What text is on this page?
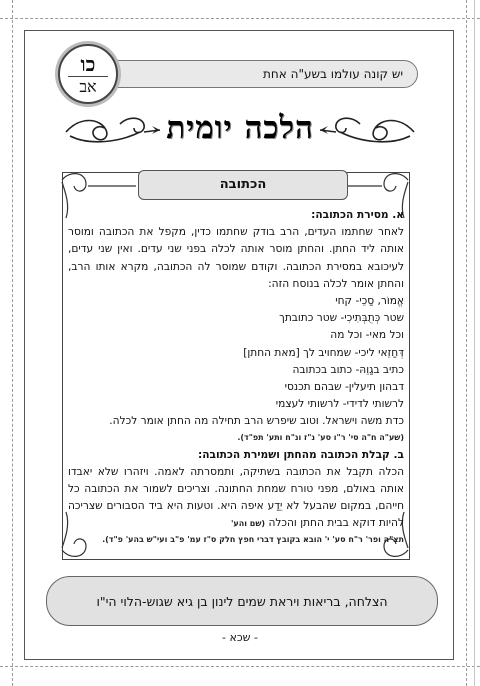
יש קונה עולמו בשע"ה אחת
כו
אב
הלכה יומית
הכתובה

א. מסירת הכתובה:

לאחר שחתמו העדים, הרב בודק שחתמו כדין, מקפל את הכתובה ומוסר אותה ליד החתן. והחתן מוסר אותה לכלה בפני שני עדים. ואין שני עדים, לעיכובא במסירת הכתובה. וקודם שמוסר לה הכתובה, מקרא אותו הרב, והחתן אומר לכלה בנוסח הזה:

אֱמוֹר, סַכֵי- קחי

שטר כְּתֻבְּתִיכִי- שטר כתובתך

וכל מאי- וכל מה

דְּחַזֵאי ליכי- שמחויב לך [מאת החתן]

כתיב בגַוֵהּ- כתוב בכתובה

דבהון תיעלין- שבהם תכנסי

לרשותי לדידי- לרשותי לעצמי

כדת משה וישראל. וטוב שיפרש הרב תחילה מה החתן אומר לכלה.

(שע"ה ח"ה סי' ר"ו סע' נ"ז ונ"ח ותע' תפ"ד).

ב. קבלת הכתובה מהחתן ושמירת הכתובה:

הכלה תקבל את הכתובה בשתיקה, ותמסרתה לאמה. ויזהרו שלא יאבדו אותה באולם, מפני טורח שמחת החתונה. וצריכים לשמור את הכתובה כל חייהם, במקום שהבעל לא יֵדַע איפה היא. וטעות היא ביד הסבורים שצריכה להיות דוקא בבית החתן והכלה (שם והע'

תצ"ה ופר' ר"ח סע' י' הובא בקובץ דברי חפץ חלק ס"ז עמ' פ"ב ועי"ש בהע' פ"ד).

הצלחה, בריאות ויראת שמים לינון בן גיא שגוש-הלוי הי"ו
- שכא -
